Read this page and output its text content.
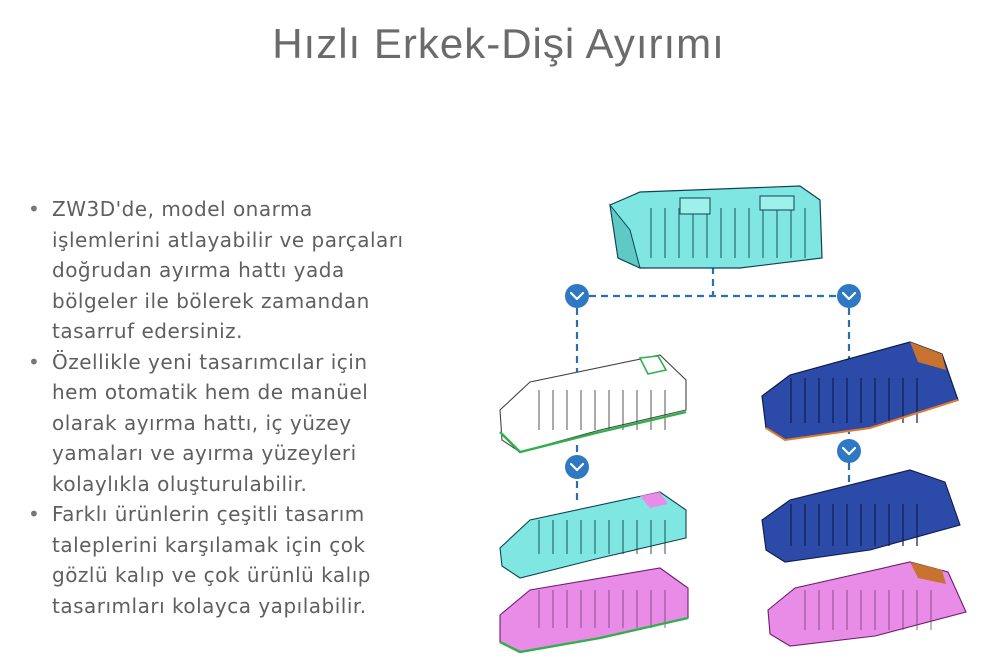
Hızlı Erkek-Dişi Ayırımı
• ZW3D'de, model onarma işlemlerini atlayabilir ve parçaları doğrudan ayırma hattı yada bölgeler ile bölerek zamandan tasarruf edersiniz.
• Özellikle yeni tasarımcılar için hem otomatik hem de manüel olarak ayırma hattı, iç yüzey yamaları ve ayırma yüzeyleri kolaylıkla oluşturulabilir.
• Farklı ürünlerin çeşitli tasarım taleplerini karşılamak için çok gözlü kalıp ve çok ürünlü kalıp tasarımları kolayca yapılabilir.
